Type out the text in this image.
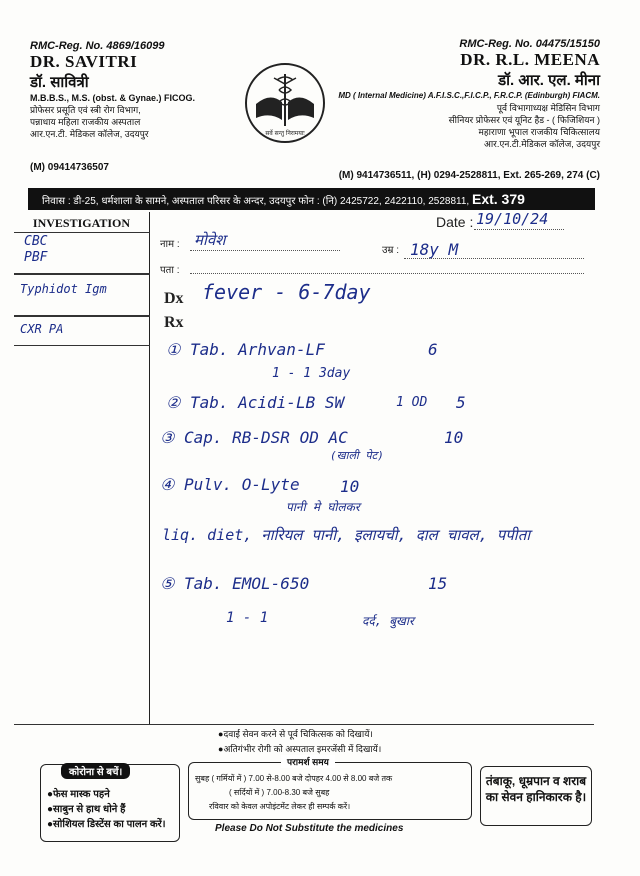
RMC-Reg. No. 4869/16099
DR. SAVITRI
डॉ. सावित्री
M.B.B.S., M.S. (obst. & Gynae.) FICOG.
प्रोफेसर प्रसूति एवं स्त्री रोग विभाग,
पन्नाधाय महिला राजकीय अस्पताल
आर.एन.टी. मेडिकल कॉलेज, उदयपुर
(M) 09414736507
सर्वे सन्तु निरामयाः
RMC-Reg. No. 04475/15150
DR. R.L. MEENA
डॉ. आर. एल. मीना
MD ( Internal Medicine) A.F.I.S.C.,F.I.C.P., F.R.C.P. (Edinburgh) FIACM.
पूर्व विभागाध्यक्ष मेडिसिन विभाग
सीनियर प्रोफेसर एवं यूनिट हैड - ( फिजिशियन )
महाराणा भूपाल राजकीय चिकित्सालय
आर.एन.टी.मेडिकल कॉलेज, उदयपुर
(M) 9414736511, (H) 0294-2528811, Ext. 265-269, 274 (C)
निवास : डी-25, धर्मशाला के सामने, अस्पताल परिसर के अन्दर, उदयपुर फोन : (नि) 2425722, 2422110, 2528811, Ext. 379
INVESTIGATION
CBC
PBF
Typhidot Igm
CXR PA
नाम : मोवेश
Date : 19/10/24
उम्र : 18y M
पता :
Dx fever - 6-7day
Rx
① Tab. Arhvan-LF	6
1 - 1 3day
② Tab. Acidi-LB SW	1 OD 5
③ Cap. RB-DSR OD AC	10
(खाली पेट)
④ Pulv. O-Lyte	10
पानी मे घोलकर
liq. diet, नारियल पानी, इलायची, दाल चावल, पपीता
⑤ Tab. EMOL-650	15
1 - 1	दर्द, बुखार
● दवाई सेवन करने से पूर्व चिकित्सक को दिखायें।
● अतिगंभीर रोगी को अस्पताल इमरजेंसी में दिखायें।
कोरोना से बचें।
● फेस मास्क पहने
● साबुन से हाथ धोने हैं
● सोशियल डिस्टेंस का पालन करें।
परामर्श समय
सुबह ( गर्मियों में ) 7.00 से-8.00 बजे दोपहर 4.00 से 8.00 बजे तक
( सर्दियों में ) 7.00-8.30 बजे सुबह
रविवार को केवल अपोइंटमेंट लेकर ही सम्पर्क करें।
तंबाकू, धूम्रपान व शराब का सेवन हानिकारक है।
Please Do Not Substitute the medicines
